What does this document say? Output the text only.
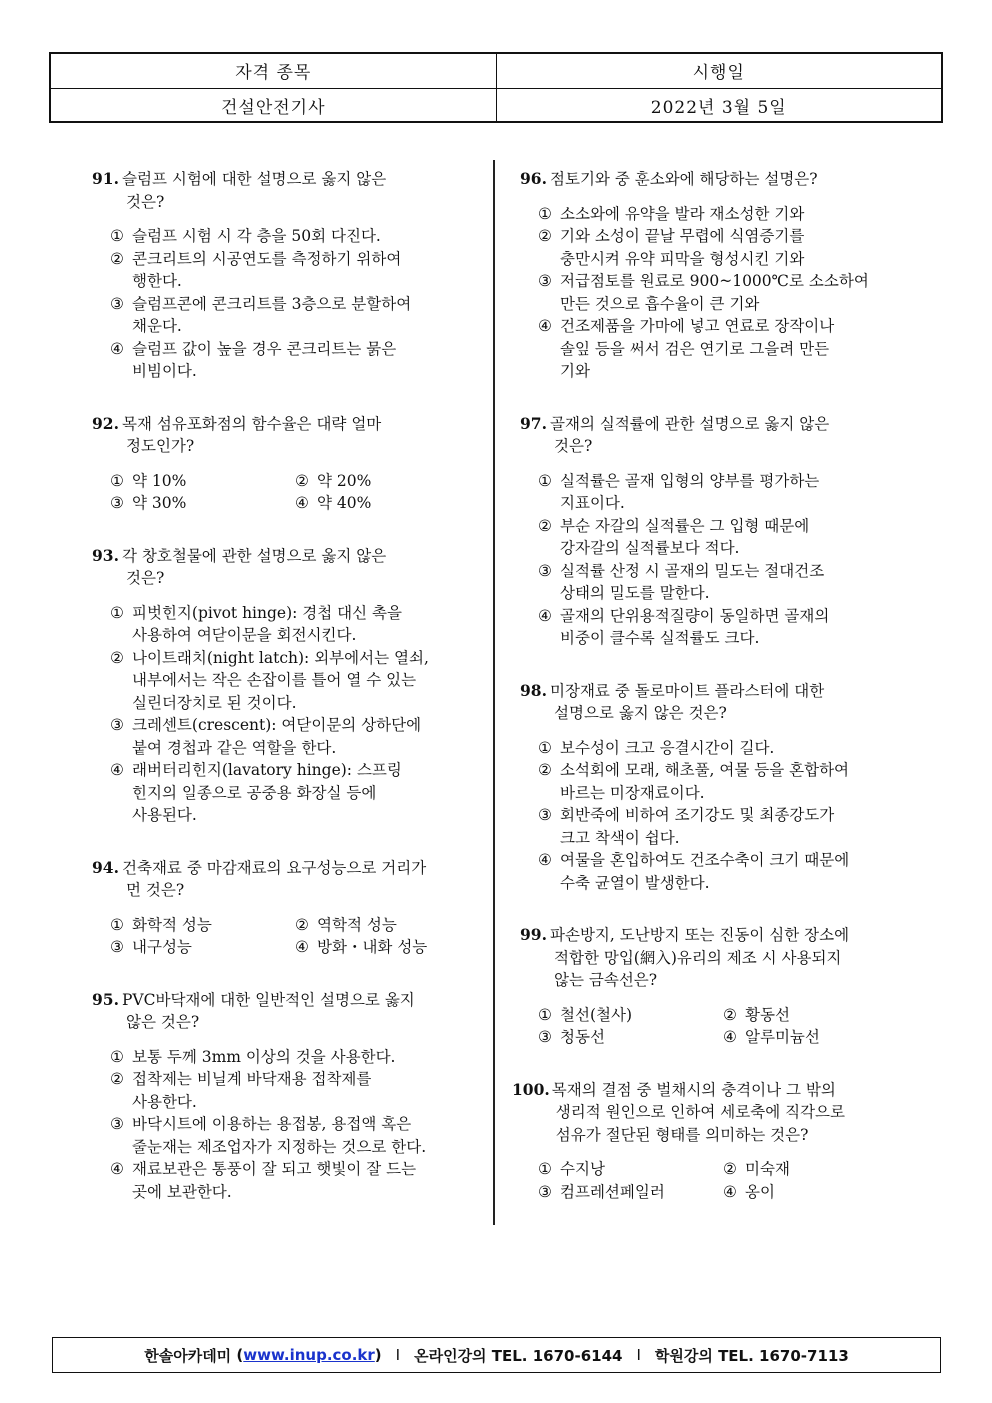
자격 종목	시행일
건설안전기사	2022년 3월 5일
91. 슬럼프 시험에 대한 설명으로 옳지 않은
것은?
① 슬럼프 시험 시 각 층을 50회 다진다.
② 콘크리트의 시공연도를 측정하기 위하여
행한다.
③ 슬럼프콘에 콘크리트를 3층으로 분할하여
채운다.
④ 슬럼프 값이 높을 경우 콘크리트는 묽은
비빔이다.
92. 목재 섬유포화점의 함수율은 대략 얼마
정도인가?
① 약 10%	② 약 20%
③ 약 30%	④ 약 40%
93. 각 창호철물에 관한 설명으로 옳지 않은
것은?
① 피벗힌지(pivot hinge): 경첩 대신 촉을
사용하여 여닫이문을 회전시킨다.
② 나이트래치(night latch): 외부에서는 열쇠,
내부에서는 작은 손잡이를 틀어 열 수 있는
실린더장치로 된 것이다.
③ 크레센트(crescent): 여닫이문의 상하단에
붙여 경첩과 같은 역할을 한다.
④ 래버터리힌지(lavatory hinge): 스프링
힌지의 일종으로 공중용 화장실 등에
사용된다.
94. 건축재료 중 마감재료의 요구성능으로 거리가
먼 것은?
① 화학적 성능	② 역학적 성능
③ 내구성능	④ 방화・내화 성능
95. PVC바닥재에 대한 일반적인 설명으로 옳지
않은 것은?
① 보통 두께 3mm 이상의 것을 사용한다.
② 접착제는 비닐계 바닥재용 접착제를
사용한다.
③ 바닥시트에 이용하는 용접봉, 용접액 혹은
줄눈재는 제조업자가 지정하는 것으로 한다.
④ 재료보관은 통풍이 잘 되고 햇빛이 잘 드는
곳에 보관한다.
96. 점토기와 중 훈소와에 해당하는 설명은?
① 소소와에 유약을 발라 재소성한 기와
② 기와 소성이 끝날 무렵에 식염증기를
충만시켜 유약 피막을 형성시킨 기와
③ 저급점토를 원료로 900~1000℃로 소소하여
만든 것으로 흡수율이 큰 기와
④ 건조제품을 가마에 넣고 연료로 장작이나
솔잎 등을 써서 검은 연기로 그을려 만든
기와
97. 골재의 실적률에 관한 설명으로 옳지 않은
것은?
① 실적률은 골재 입형의 양부를 평가하는
지표이다.
② 부순 자갈의 실적률은 그 입형 때문에
강자갈의 실적률보다 적다.
③ 실적률 산정 시 골재의 밀도는 절대건조
상태의 밀도를 말한다.
④ 골재의 단위용적질량이 동일하면 골재의
비중이 클수록 실적률도 크다.
98. 미장재료 중 돌로마이트 플라스터에 대한
설명으로 옳지 않은 것은?
① 보수성이 크고 응결시간이 길다.
② 소석회에 모래, 해초풀, 여물 등을 혼합하여
바르는 미장재료이다.
③ 회반죽에 비하여 조기강도 및 최종강도가
크고 착색이 쉽다.
④ 여물을 혼입하여도 건조수축이 크기 때문에
수축 균열이 발생한다.
99. 파손방지, 도난방지 또는 진동이 심한 장소에
적합한 망입(網入)유리의 제조 시 사용되지
않는 금속선은?
① 철선(철사)	② 황동선
③ 청동선	④ 알루미늄선
100. 목재의 결점 중 벌채시의 충격이나 그 밖의
생리적 원인으로 인하여 세로축에 직각으로
섬유가 절단된 형태를 의미하는 것은?
① 수지낭	② 미숙재
③ 컴프레션페일러	④ 옹이
한솔아카데미
( www.inup.co.kr ) I 온라인강의 TEL. 1670-6144 I 학원강의 TEL. 1670-7113
